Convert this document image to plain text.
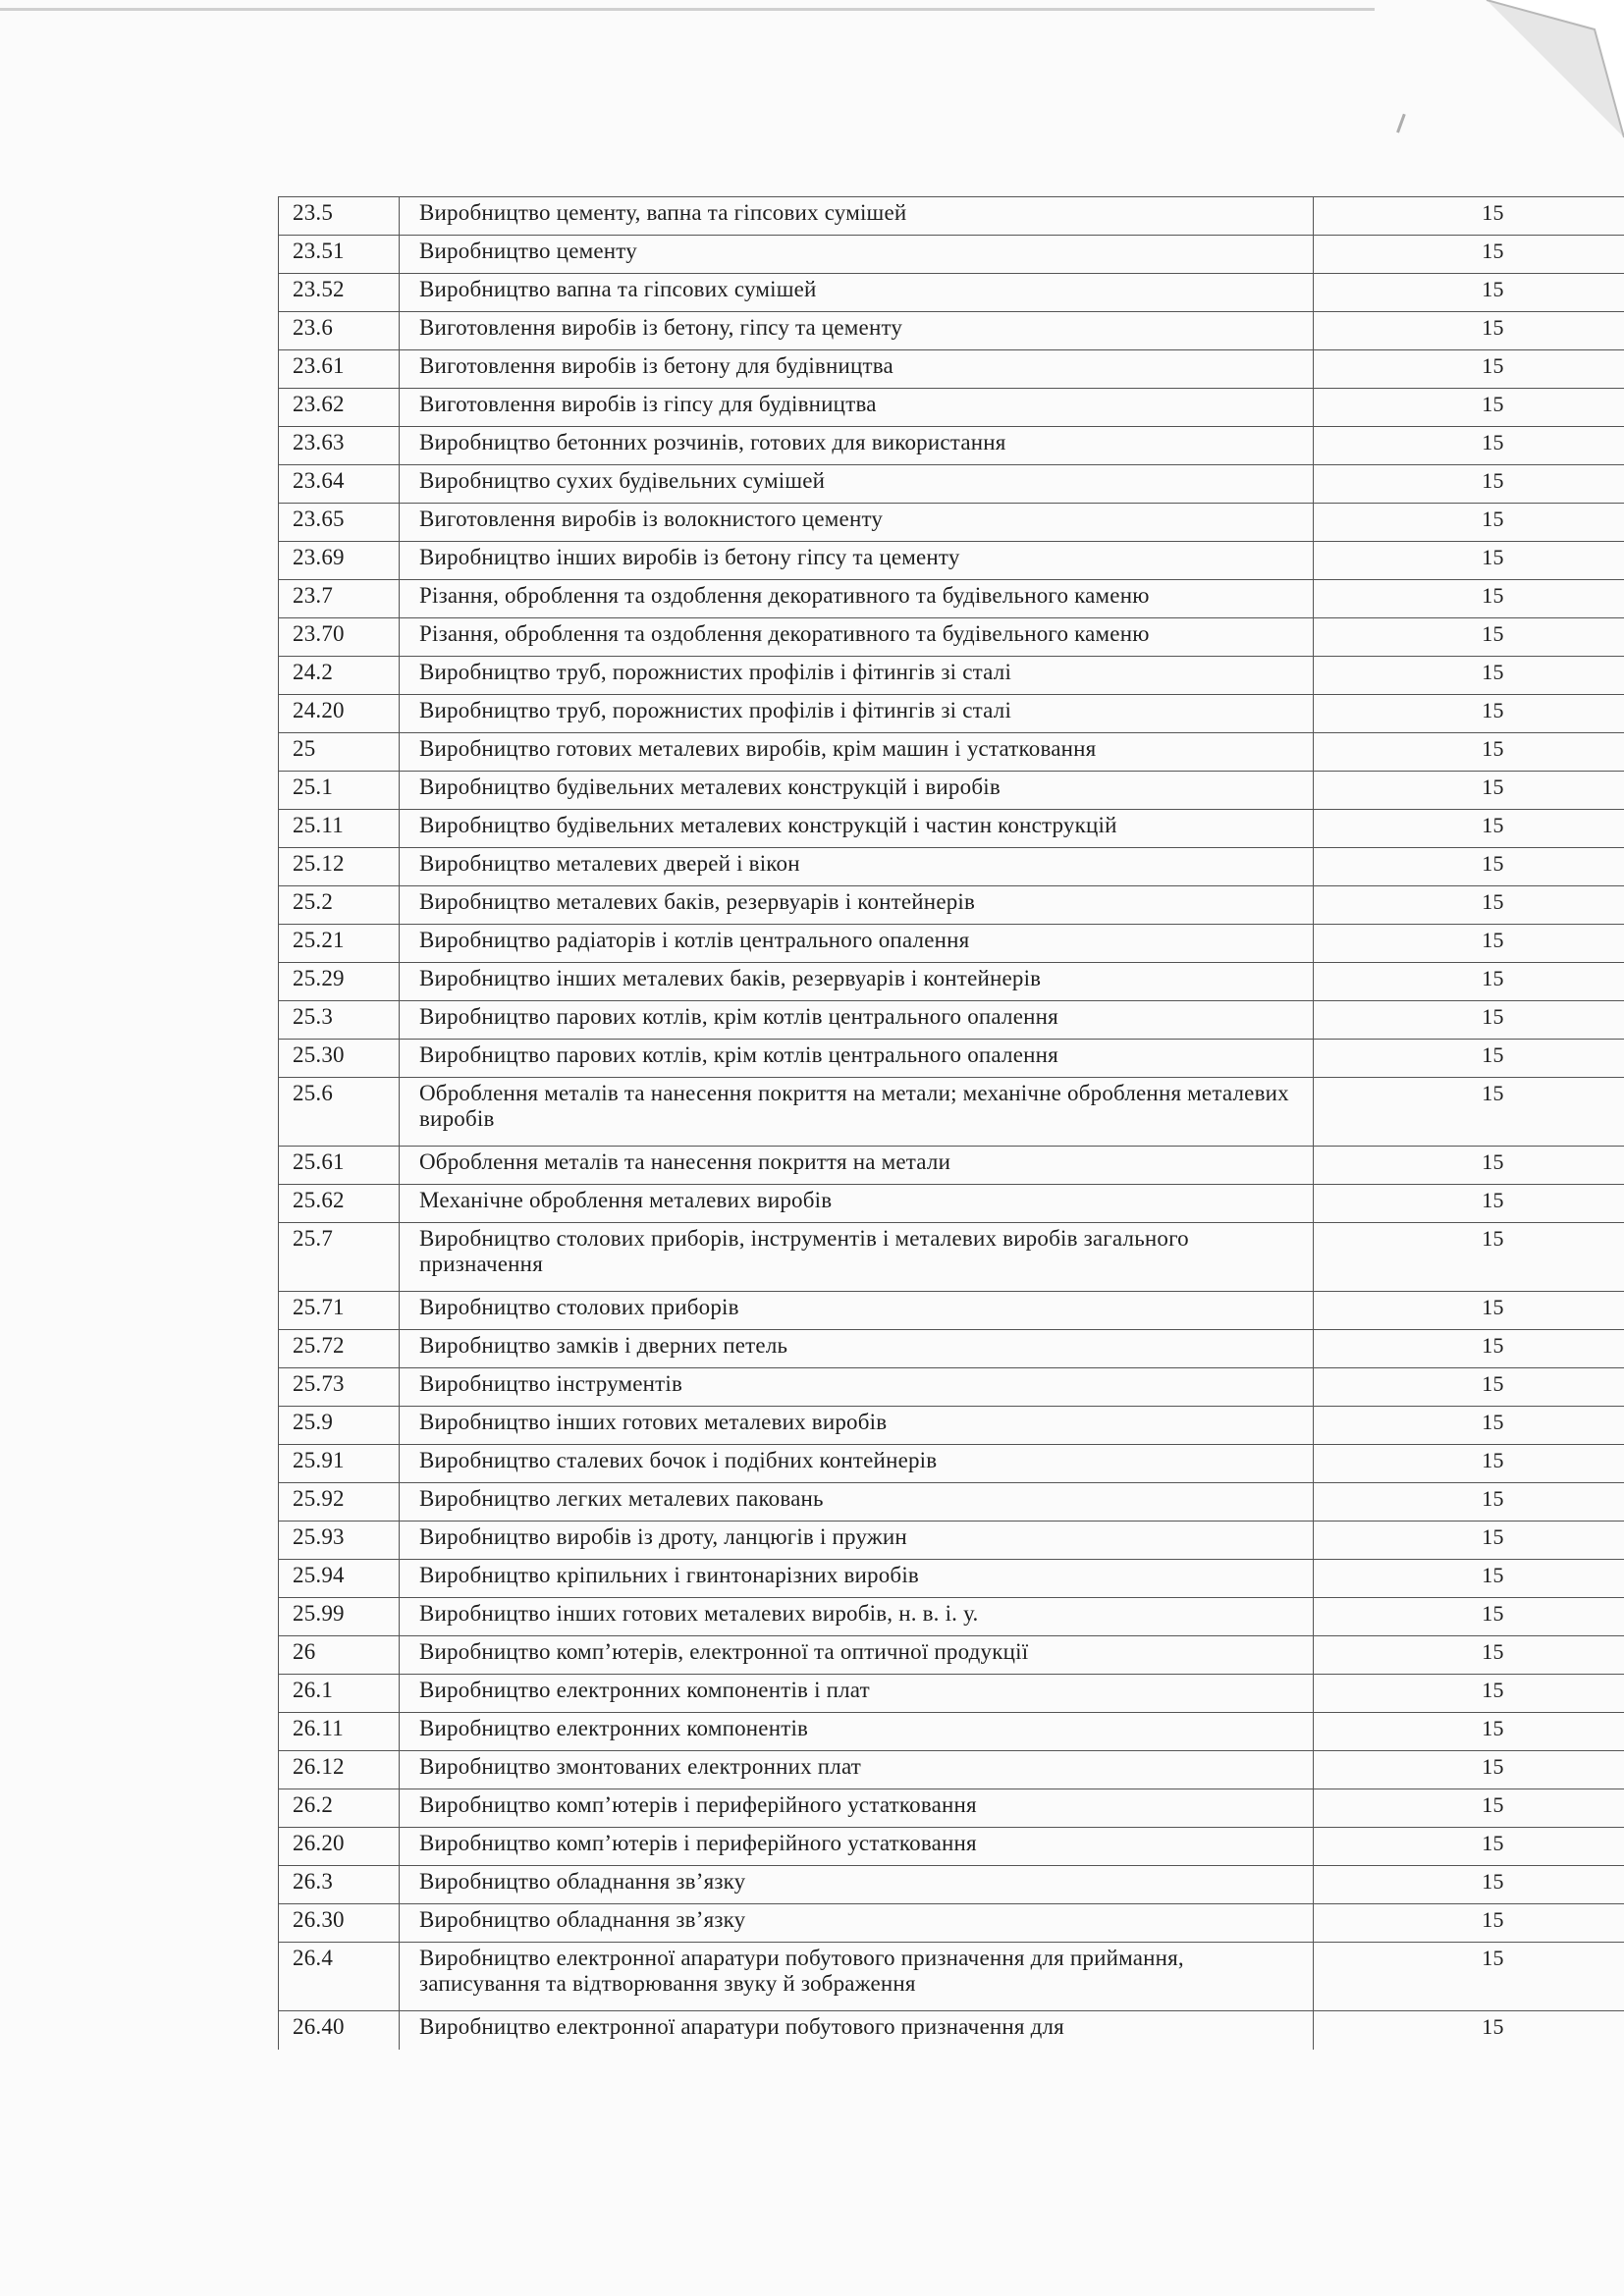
23.5	Виробництво цементу, вапна та гіпсових сумішей	15
23.51	Виробництво цементу	15
23.52	Виробництво вапна та гіпсових сумішей	15
23.6	Виготовлення виробів із бетону, гіпсу та цементу	15
23.61	Виготовлення виробів із бетону для будівництва	15
23.62	Виготовлення виробів із гіпсу для будівництва	15
23.63	Виробництво бетонних розчинів, готових для використання	15
23.64	Виробництво сухих будівельних сумішей	15
23.65	Виготовлення виробів із волокнистого цементу	15
23.69	Виробництво інших виробів із бетону гіпсу та цементу	15
23.7	Різання, оброблення та оздоблення декоративного та будівельного каменю	15
23.70	Різання, оброблення та оздоблення декоративного та будівельного каменю	15
24.2	Виробництво труб, порожнистих профілів і фітингів зі сталі	15
24.20	Виробництво труб, порожнистих профілів і фітингів зі сталі	15
25	Виробництво готових металевих виробів, крім машин і устатковання	15
25.1	Виробництво будівельних металевих конструкцій і виробів	15
25.11	Виробництво будівельних металевих конструкцій і частин конструкцій	15
25.12	Виробництво металевих дверей і вікон	15
25.2	Виробництво металевих баків, резервуарів і контейнерів	15
25.21	Виробництво радіаторів і котлів центрального опалення	15
25.29	Виробництво інших металевих баків, резервуарів і контейнерів	15
25.3	Виробництво парових котлів, крім котлів центрального опалення	15
25.30	Виробництво парових котлів, крім котлів центрального опалення	15
25.6	Оброблення металів та нанесення покриття на метали; механічне оброблення металевих виробів	15
25.61	Оброблення металів та нанесення покриття на метали	15
25.62	Механічне оброблення металевих виробів	15
25.7	Виробництво столових приборів, інструментів і металевих виробів загального призначення	15
25.71	Виробництво столових приборів	15
25.72	Виробництво замків і дверних петель	15
25.73	Виробництво інструментів	15
25.9	Виробництво інших готових металевих виробів	15
25.91	Виробництво сталевих бочок і подібних контейнерів	15
25.92	Виробництво легких металевих паковань	15
25.93	Виробництво виробів із дроту, ланцюгів і пружин	15
25.94	Виробництво кріпильних і гвинтонарізних виробів	15
25.99	Виробництво інших готових металевих виробів, н. в. і. у.	15
26	Виробництво комп’ютерів, електронної та оптичної продукції	15
26.1	Виробництво електронних компонентів і плат	15
26.11	Виробництво електронних компонентів	15
26.12	Виробництво змонтованих електронних плат	15
26.2	Виробництво комп’ютерів і периферійного устатковання	15
26.20	Виробництво комп’ютерів і периферійного устатковання	15
26.3	Виробництво обладнання зв’язку	15
26.30	Виробництво обладнання зв’язку	15
26.4	Виробництво електронної апаратури побутового призначення для приймання, записування та відтворювання звуку й зображення	15
26.40	Виробництво електронної апаратури побутового призначення для	15
